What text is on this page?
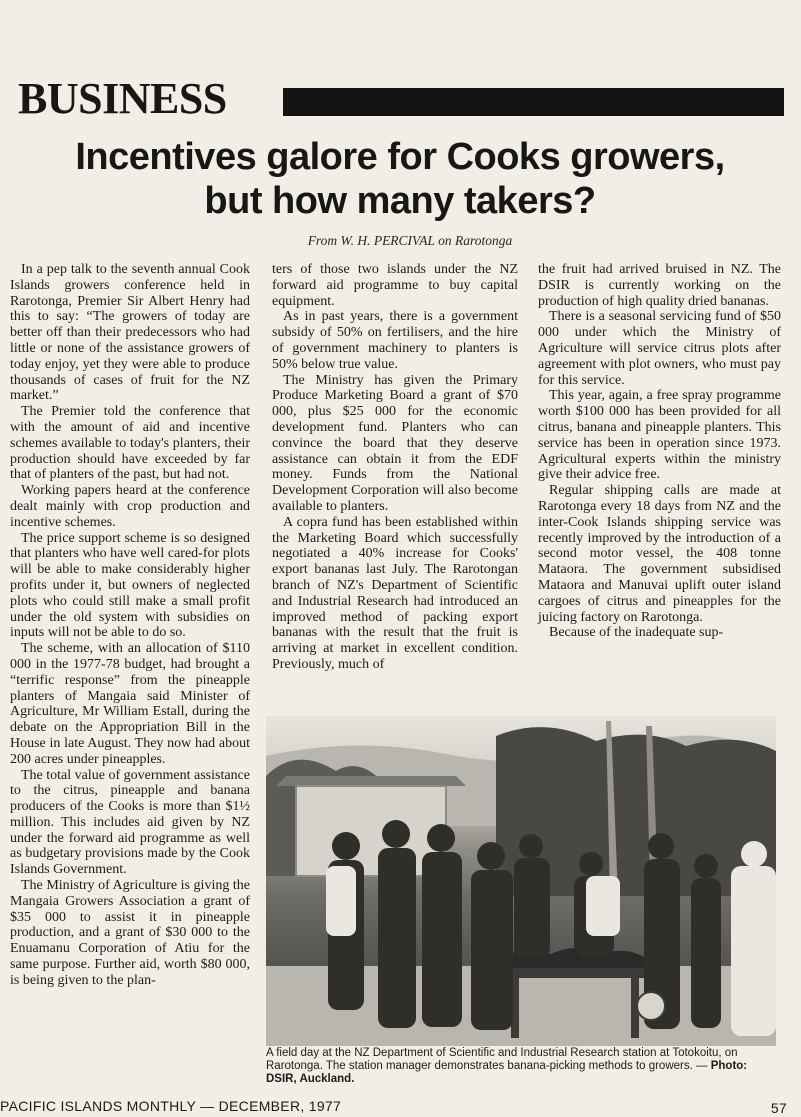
BUSINESS
Incentives galore for Cooks growers,
but how many takers?
From W. H. PERCIVAL on Rarotonga

In a pep talk to the seventh annual Cook Islands growers conference held in Rarotonga, Premier Sir Albert Henry had this to say: “The growers of today are better off than their predecessors who had little or none of the assistance growers of today enjoy, yet they were able to produce thousands of cases of fruit for the NZ market.”

The Premier told the conference that with the amount of aid and incentive schemes available to today's planters, their production should have exceeded by far that of planters of the past, but had not.

Working papers heard at the conference dealt mainly with crop production and incentive schemes.

The price support scheme is so designed that planters who have well cared-for plots will be able to make considerably higher profits under it, but owners of neglected plots who could still make a small profit under the old system with subsidies on inputs will not be able to do so.

The scheme, with an allocation of $110 000 in the 1977-78 budget, had brought a “terrific response” from the pineapple planters of Mangaia said Minister of Agriculture, Mr William Estall, during the debate on the Appropriation Bill in the House in late August. They now had about 200 acres under pineapples.

The total value of government assistance to the citrus, pineapple and banana producers of the Cooks is more than $1½ million. This includes aid given by NZ under the forward aid programme as well as budgetary provisions made by the Cook Islands Government.

The Ministry of Agriculture is giving the Mangaia Growers Association a grant of $35 000 to assist it in pineapple production, and a grant of $30 000 to the Enuamanu Corporation of Atiu for the same purpose. Further aid, worth $80 000, is being given to the plan-

ters of those two islands under the NZ forward aid programme to buy capital equipment.

As in past years, there is a government subsidy of 50% on fertilisers, and the hire of government machinery to planters is 50% below true value.

The Ministry has given the Primary Produce Marketing Board a grant of $70 000, plus $25 000 for the economic development fund. Planters who can convince the board that they deserve assistance can obtain it from the EDF money. Funds from the National Development Corporation will also become available to planters.

A copra fund has been established within the Marketing Board which successfully negotiated a 40% increase for Cooks' export bananas last July. The Rarotongan branch of NZ's Department of Scientific and Industrial Research had introduced an improved method of packing export bananas with the result that the fruit is arriving at market in excellent condition. Previously, much of

the fruit had arrived bruised in NZ. The DSIR is currently working on the production of high quality dried bananas.

There is a seasonal servicing fund of $50 000 under which the Ministry of Agriculture will service citrus plots after agreement with plot owners, who must pay for this service.

This year, again, a free spray programme worth $100 000 has been provided for all citrus, banana and pineapple planters. This service has been in operation since 1973. Agricultural experts within the ministry give their advice free.

Regular shipping calls are made at Rarotonga every 18 days from NZ and the inter-Cook Islands shipping service was recently improved by the introduction of a second motor vessel, the 408 tonne Mataora. The government subsidised Mataora and Manuvai uplift outer island cargoes of citrus and pineapples for the juicing factory on Rarotonga.

Because of the inadequate sup-

A field day at the NZ Department of Scientific and Industrial Research station at Totokoitu, on Rarotonga. The station manager demonstrates banana-picking methods to growers. — Photo: DSIR, Auckland.
PACIFIC ISLANDS MONTHLY — DECEMBER, 1977	57
